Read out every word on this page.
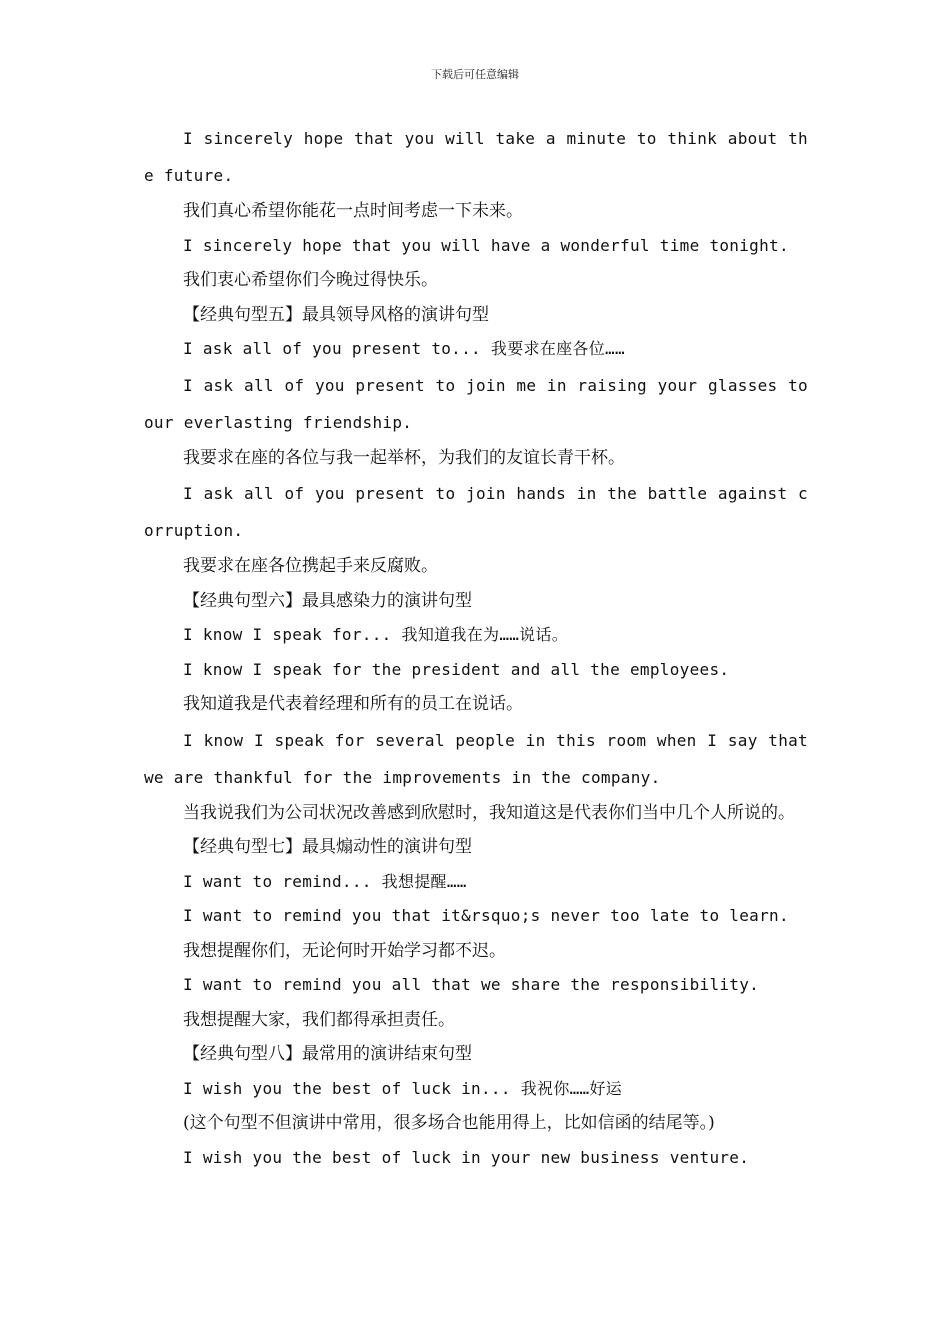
下载后可任意编辑

I sincerely hope that you will take a minute to think about the future.

我们真心希望你能花一点时间考虑一下未来。

I sincerely hope that you will have a wonderful time tonight.

我们衷心希望你们今晚过得快乐。

【经典句型五】最具领导风格的演讲句型

I ask all of you present to... 我要求在座各位……

I ask all of you present to join me in raising your glasses to our everlasting friendship.

我要求在座的各位与我一起举杯，为我们的友谊长青干杯。

I ask all of you present to join hands in the battle against corruption.

我要求在座各位携起手来反腐败。

【经典句型六】最具感染力的演讲句型

I know I speak for... 我知道我在为……说话。

I know I speak for the president and all the employees.

我知道我是代表着经理和所有的员工在说话。

I know I speak for several people in this room when I say that we are thankful for the improvements in the company.

当我说我们为公司状况改善感到欣慰时，我知道这是代表你们当中几个人所说的。

【经典句型七】最具煽动性的演讲句型

I want to remind... 我想提醒……

I want to remind you that it&rsquo;s never too late to learn.

我想提醒你们，无论何时开始学习都不迟。

I want to remind you all that we share the responsibility.

我想提醒大家，我们都得承担责任。

【经典句型八】最常用的演讲结束句型

I wish you the best of luck in... 我祝你……好运

(这个句型不但演讲中常用，很多场合也能用得上，比如信函的结尾等。)

I wish you the best of luck in your new business venture.
